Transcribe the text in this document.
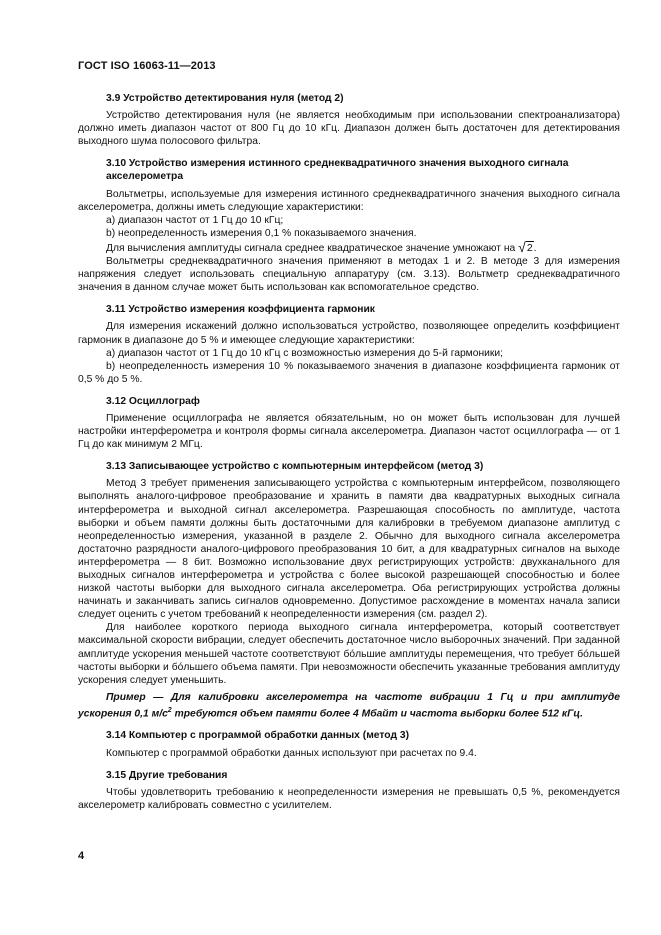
ГОСТ ISO 16063-11—2013

3.9 Устройство детектирования нуля (метод 2)

Устройство детектирования нуля (не является необходимым при использовании спектроанализатора) должно иметь диапазон частот от 800 Гц до 10 кГц. Диапазон должен быть достаточен для детектирования выходного шума полосового фильтра.

3.10 Устройство измерения истинного среднеквадратичного значения выходного сигнала акселерометра

Вольтметры, используемые для измерения истинного среднеквадратичного значения выходного сигнала акселерометра, должны иметь следующие характеристики:

а) диапазон частот от 1 Гц до 10 кГц;

b) неопределенность измерения 0,1 % показываемого значения.

Для вычисления амплитуды сигнала среднее квадратическое значение умножают на √2.

Вольтметры среднеквадратичного значения применяют в методах 1 и 2. В методе 3 для измерения напряжения следует использовать специальную аппаратуру (см. 3.13). Вольтметр среднеквадратичного значения в данном случае может быть использован как вспомогательное средство.

3.11 Устройство измерения коэффициента гармоник

Для измерения искажений должно использоваться устройство, позволяющее определить коэффициент гармоник в диапазоне до 5 % и имеющее следующие характеристики:

а) диапазон частот от 1 Гц до 10 кГц с возможностью измерения до 5-й гармоники;

b) неопределенность измерения 10 % показываемого значения в диапазоне коэффициента гармоник от 0,5 % до 5 %.

3.12 Осциллограф

Применение осциллографа не является обязательным, но он может быть использован для лучшей настройки интерферометра и контроля формы сигнала акселерометра. Диапазон частот осциллографа — от 1 Гц до как минимум 2 МГц.

3.13 Записывающее устройство с компьютерным интерфейсом (метод 3)

Метод 3 требует применения записывающего устройства с компьютерным интерфейсом, позволяющего выполнять аналого-цифровое преобразование и хранить в памяти два квадратурных выходных сигнала интерферометра и выходной сигнал акселерометра. Разрешающая способность по амплитуде, частота выборки и объем памяти должны быть достаточными для калибровки в требуемом диапазоне амплитуд с неопределенностью измерения, указанной в разделе 2. Обычно для выходного сигнала акселерометра достаточно разрядности аналого-цифрового преобразования 10 бит, а для квадратурных сигналов на выходе интерферометра — 8 бит. Возможно использование двух регистрирующих устройств: двухканального для выходных сигналов интерферометра и устройства с более высокой разрешающей способностью и более низкой частоты выборки для выходного сигнала акселерометра. Оба регистрирующих устройства должны начинать и заканчивать запись сигналов одновременно. Допустимое расхождение в моментах начала записи следует оценить с учетом требований к неопределенности измерения (см. раздел 2).

Для наиболее короткого периода выходного сигнала интерферометра, который соответствует максимальной скорости вибрации, следует обеспечить достаточное число выборочных значений. При заданной амплитуде ускорения меньшей частоте соответствуют бóльшие амплитуды перемещения, что требует бóльшей частоты выборки и бóльшего объема памяти. При невозможности обеспечить указанные требования амплитуду ускорения следует уменьшить.

Пример — Для калибровки акселерометра на частоте вибрации 1 Гц и при амплитуде ускорения 0,1 $м/с^2$ требуются объем памяти более 4 Мбайт и частота выборки более 512 кГц.

3.14 Компьютер с программой обработки данных (метод 3)

Компьютер с программой обработки данных используют при расчетах по 9.4.

3.15 Другие требования

Чтобы удовлетворить требованию к неопределенности измерения не превышать 0,5 %, рекомендуется акселерометр калибровать совместно с усилителем.

4
